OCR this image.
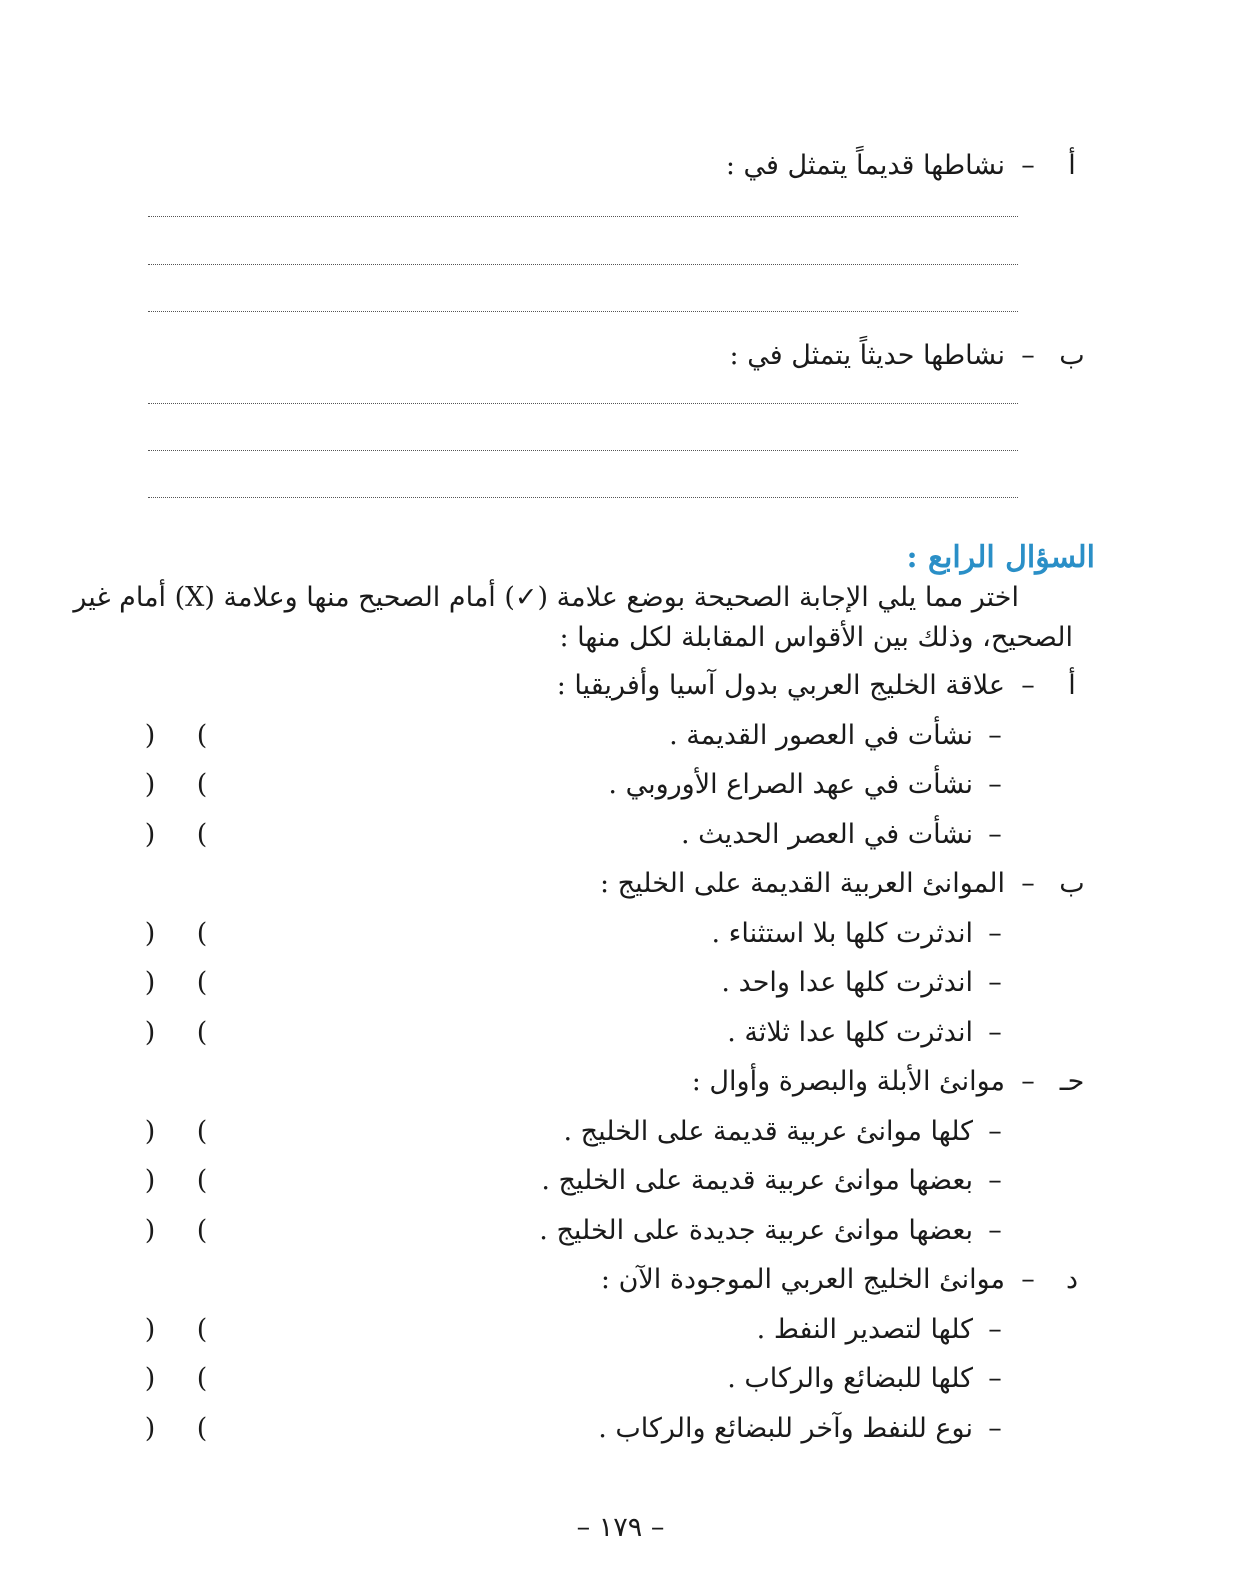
أ
–
نشاطها قديماً يتمثل في :
ب
–
نشاطها حديثاً يتمثل في :
السؤال الرابع :
اختر مما يلي الإجابة الصحيحة بوضع علامة (✓) أمام الصحيح منها وعلامة (X) أمام غير
الصحيح، وذلك بين الأقواس المقابلة لكل منها :
أ
–
علاقة الخليج العربي بدول آسيا وأفريقيا :
–
نشأت في العصور القديمة .
( )
–
نشأت في عهد الصراع الأوروبي .
( )
–
نشأت في العصر الحديث .
( )
ب
–
الموانئ العربية القديمة على الخليج :
–
اندثرت كلها بلا استثناء .
( )
–
اندثرت كلها عدا واحد .
( )
–
اندثرت كلها عدا ثلاثة .
( )
حـ
–
موانئ الأبلة والبصرة وأوال :
–
كلها موانئ عربية قديمة على الخليج .
( )
–
بعضها موانئ عربية قديمة على الخليج .
( )
–
بعضها موانئ عربية جديدة على الخليج .
( )
د
–
موانئ الخليج العربي الموجودة الآن :
–
كلها لتصدير النفط .
( )
–
كلها للبضائع والركاب .
( )
–
نوع للنفط وآخر للبضائع والركاب .
( )
– ١٧٩ –
